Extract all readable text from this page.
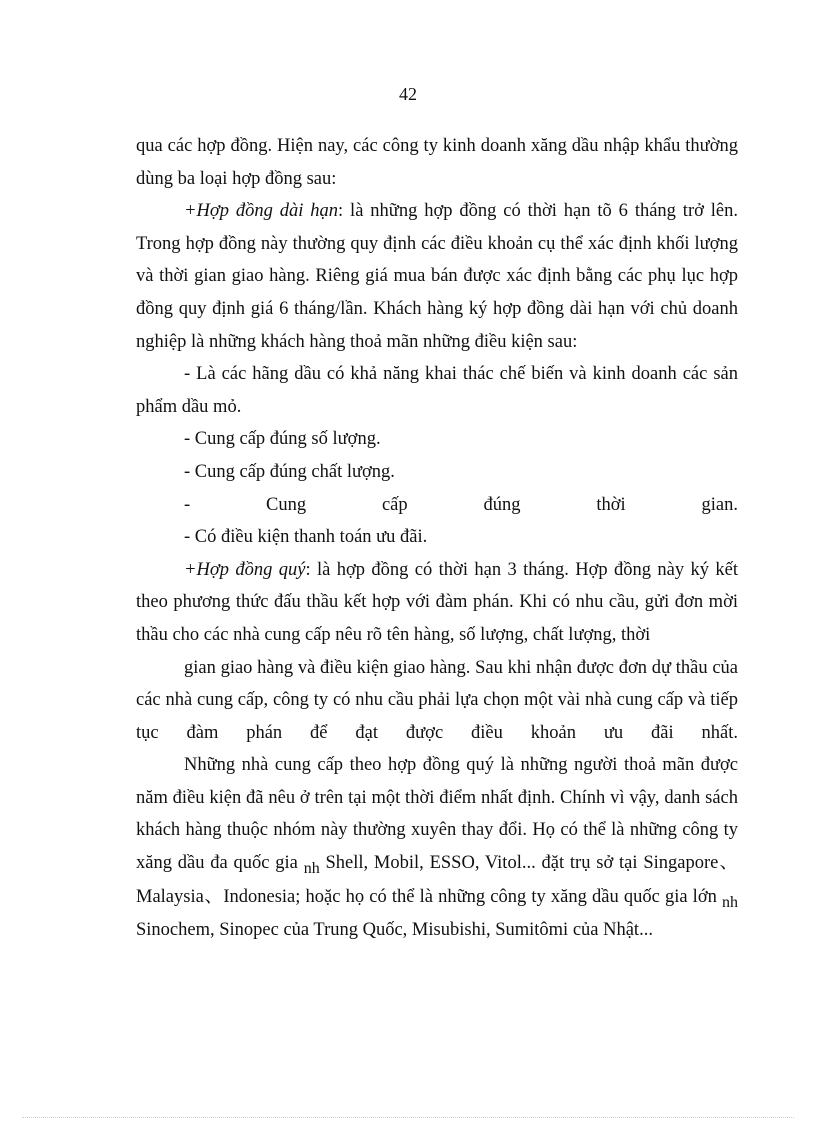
42

qua các hợp đồng. Hiện nay, các công ty kinh doanh xăng dầu nhập khẩu thường dùng ba loại hợp đồng sau:

+Hợp đồng dài hạn: là những hợp đồng có thời hạn tõ 6 tháng trở lên. Trong hợp đồng này thường quy định các điều khoản cụ thể xác định khối lượng và thời gian giao hàng. Riêng giá mua bán được xác định bằng các phụ lục hợp đồng quy định giá 6 tháng/lần. Khách hàng ký hợp đồng dài hạn với chủ doanh nghiệp là những khách hàng thoả mãn những điều kiện sau:

- Là các hãng dầu có khả năng khai thác chế biến và kinh doanh các sản phẩm dầu mỏ.

- Cung cấp đúng số lượng.

- Cung cấp đúng chất lượng.

-	Cung	cấp	đúng	thời	gian.

- Có điều kiện thanh toán ưu đãi.

+Hợp đồng quý: là hợp đồng có thời hạn 3 tháng. Hợp đồng này ký kết theo phương thức đấu thầu kết hợp với đàm phán. Khi có nhu cầu, gửi đơn mời thầu cho các nhà cung cấp nêu rõ tên hàng, số lượng, chất lượng, thời

gian giao hàng và điều kiện giao hàng. Sau khi nhận được đơn dự thầu của các nhà cung cấp, công ty có nhu cầu phải lựa chọn một vài nhà cung cấp và tiếp tục đàm phán để đạt được điều khoản ưu đãi nhất.

Những nhà cung cấp theo hợp đồng quý là những người thoả mãn được năm điều kiện đã nêu ở trên tại một thời điểm nhất định. Chính vì vậy, danh sách khách hàng thuộc nhóm này thường xuyên thay đổi. Họ có thể là những công ty xăng dầu đa quốc gia nh Shell, Mobil, ESSO, Vitol... đặt trụ sở tại Singapore、Malaysia、Indonesia; hoặc họ có thể là những công ty xăng dầu quốc gia lớn nh Sinochem, Sinopec của Trung Quốc, Misubishi, Sumitômi của Nhật...
